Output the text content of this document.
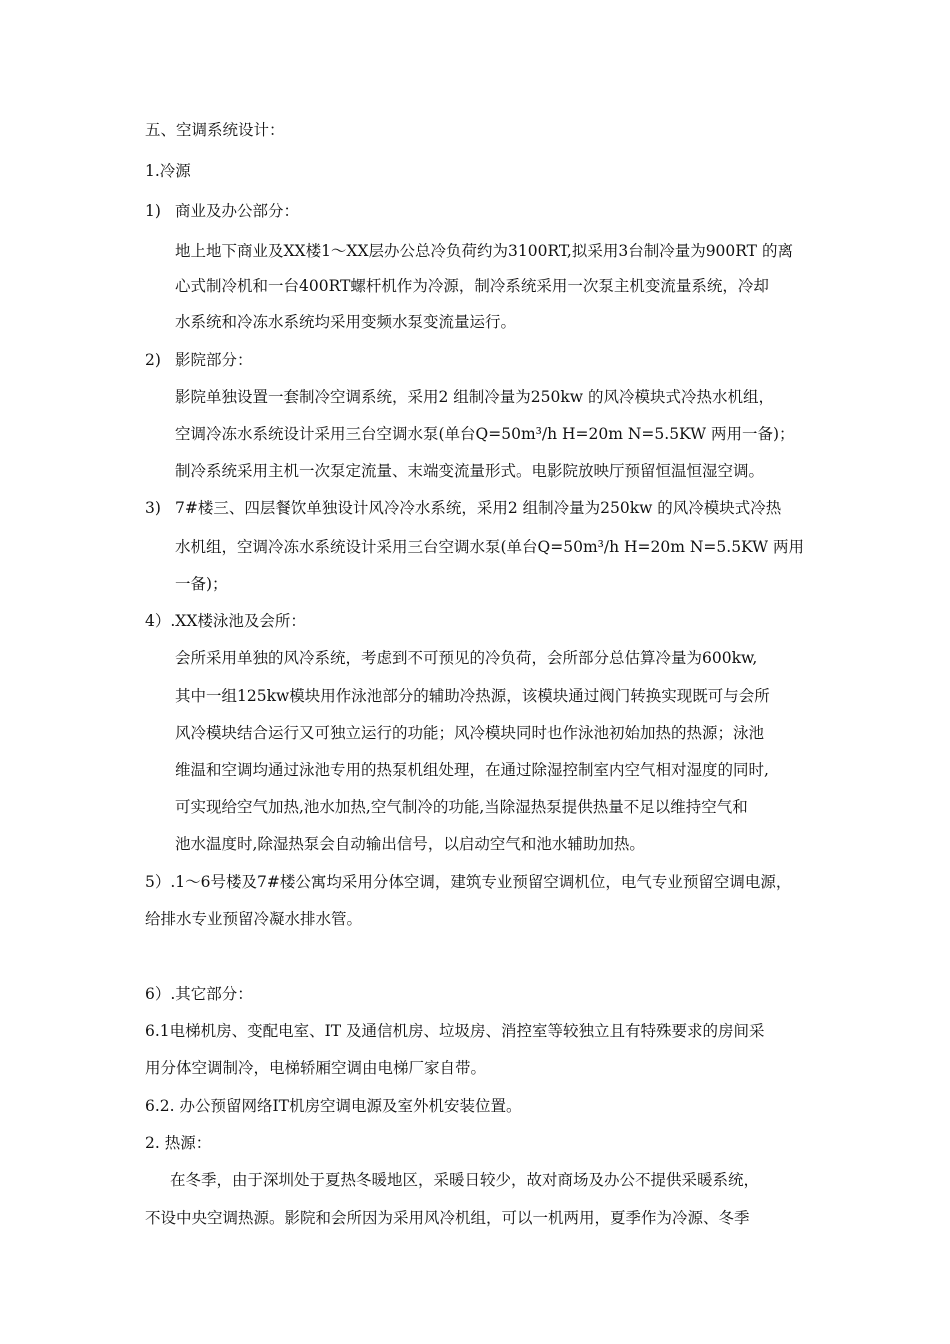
五、空调系统设计：
1.冷源
1) 商业及办公部分：
地上地下商业及XX楼1～XX层办公总冷负荷约为3100RT,拟采用3台制冷量为900RT 的离
心式制冷机和一台400RT螺杆机作为冷源，制冷系统采用一次泵主机变流量系统，冷却
水系统和冷冻水系统均采用变频水泵变流量运行。
2) 影院部分：
影院单独设置一套制冷空调系统，采用2 组制冷量为250kw 的风冷模块式冷热水机组，
空调冷冻水系统设计采用三台空调水泵(单台Q=50m³/h H=20m N=5.5KW 两用一备)；
制冷系统采用主机一次泵定流量、末端变流量形式。电影院放映厅预留恒温恒湿空调。
3) 7#楼三、四层餐饮单独设计风冷冷水系统，采用2 组制冷量为250kw 的风冷模块式冷热
水机组，空调冷冻水系统设计采用三台空调水泵(单台Q=50m³/h H=20m N=5.5KW 两用
一备)；
4）.XX楼泳池及会所：
会所采用单独的风冷系统，考虑到不可预见的冷负荷，会所部分总估算冷量为600kw,
其中一组125kw模块用作泳池部分的辅助冷热源，该模块通过阀门转换实现既可与会所
风冷模块结合运行又可独立运行的功能；风冷模块同时也作泳池初始加热的热源；泳池
维温和空调均通过泳池专用的热泵机组处理，在通过除湿控制室内空气相对湿度的同时,
可实现给空气加热,池水加热,空气制冷的功能,当除湿热泵提供热量不足以维持空气和
池水温度时,除湿热泵会自动输出信号，以启动空气和池水辅助加热。
5）.1～6号楼及7#楼公寓均采用分体空调，建筑专业预留空调机位，电气专业预留空调电源，
给排水专业预留冷凝水排水管。
6）.其它部分：
6.1电梯机房、变配电室、IT 及通信机房、垃圾房、消控室等较独立且有特殊要求的房间采
用分体空调制冷，电梯轿厢空调由电梯厂家自带。
6.2. 办公预留网络IT机房空调电源及室外机安装位置。
2. 热源：
在冬季，由于深圳处于夏热冬暖地区，采暖日较少，故对商场及办公不提供采暖系统，
不设中央空调热源。影院和会所因为采用风冷机组，可以一机两用，夏季作为冷源、冬季
